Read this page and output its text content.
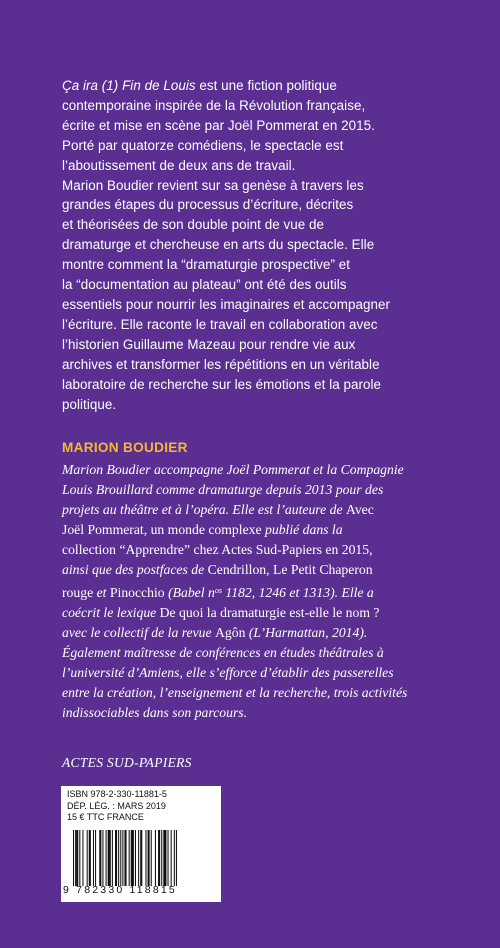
Ça ira (1) Fin de Louis est une fiction politique

contemporaine inspirée de la Révolution française,

écrite et mise en scène par Joël Pommerat en 2015.

Porté par quatorze comédiens, le spectacle est

l’aboutissement de deux ans de travail.

Marion Boudier revient sur sa genèse à travers les

grandes étapes du processus d’écriture, décrites

et théorisées de son double point de vue de

dramaturge et chercheuse en arts du spectacle. Elle

montre comment la “dramaturgie prospective” et

la “documentation au plateau” ont été des outils

essentiels pour nourrir les imaginaires et accompagner

l’écriture. Elle raconte le travail en collaboration avec

l’historien Guillaume Mazeau pour rendre vie aux

archives et transformer les répétitions en un véritable

laboratoire de recherche sur les émotions et la parole

politique.

MARION BOUDIER
Marion Boudier accompagne Joël Pommerat et la Compagnie
Louis Brouillard comme dramaturge depuis 2013 pour des
projets au théâtre et à l’opéra. Elle est l’auteure de Avec
Joël Pommerat, un monde complexe publié dans la
collection “Apprendre” chez Actes Sud-Papiers en 2015,
ainsi que des postfaces de Cendrillon, Le Petit Chaperon
rouge et Pinocchio (Babel $n^{os}$ 1182, 1246 et 1313). Elle a
coécrit le lexique De quoi la dramaturgie est-elle le nom ?
avec le collectif de la revue Agôn (L’Harmattan, 2014).
Également maîtresse de conférences en études théâtrales à
l’université d’Amiens, elle s’efforce d’établir des passerelles
entre la création, l’enseignement et la recherche, trois activités
indissociables dans son parcours.
ACTES SUD-PAPIERS
ISBN 978-2-330-11881-5
DÉP. LÉG. : MARS 2019
15 € TTC FRANCE
9 782330 118815
